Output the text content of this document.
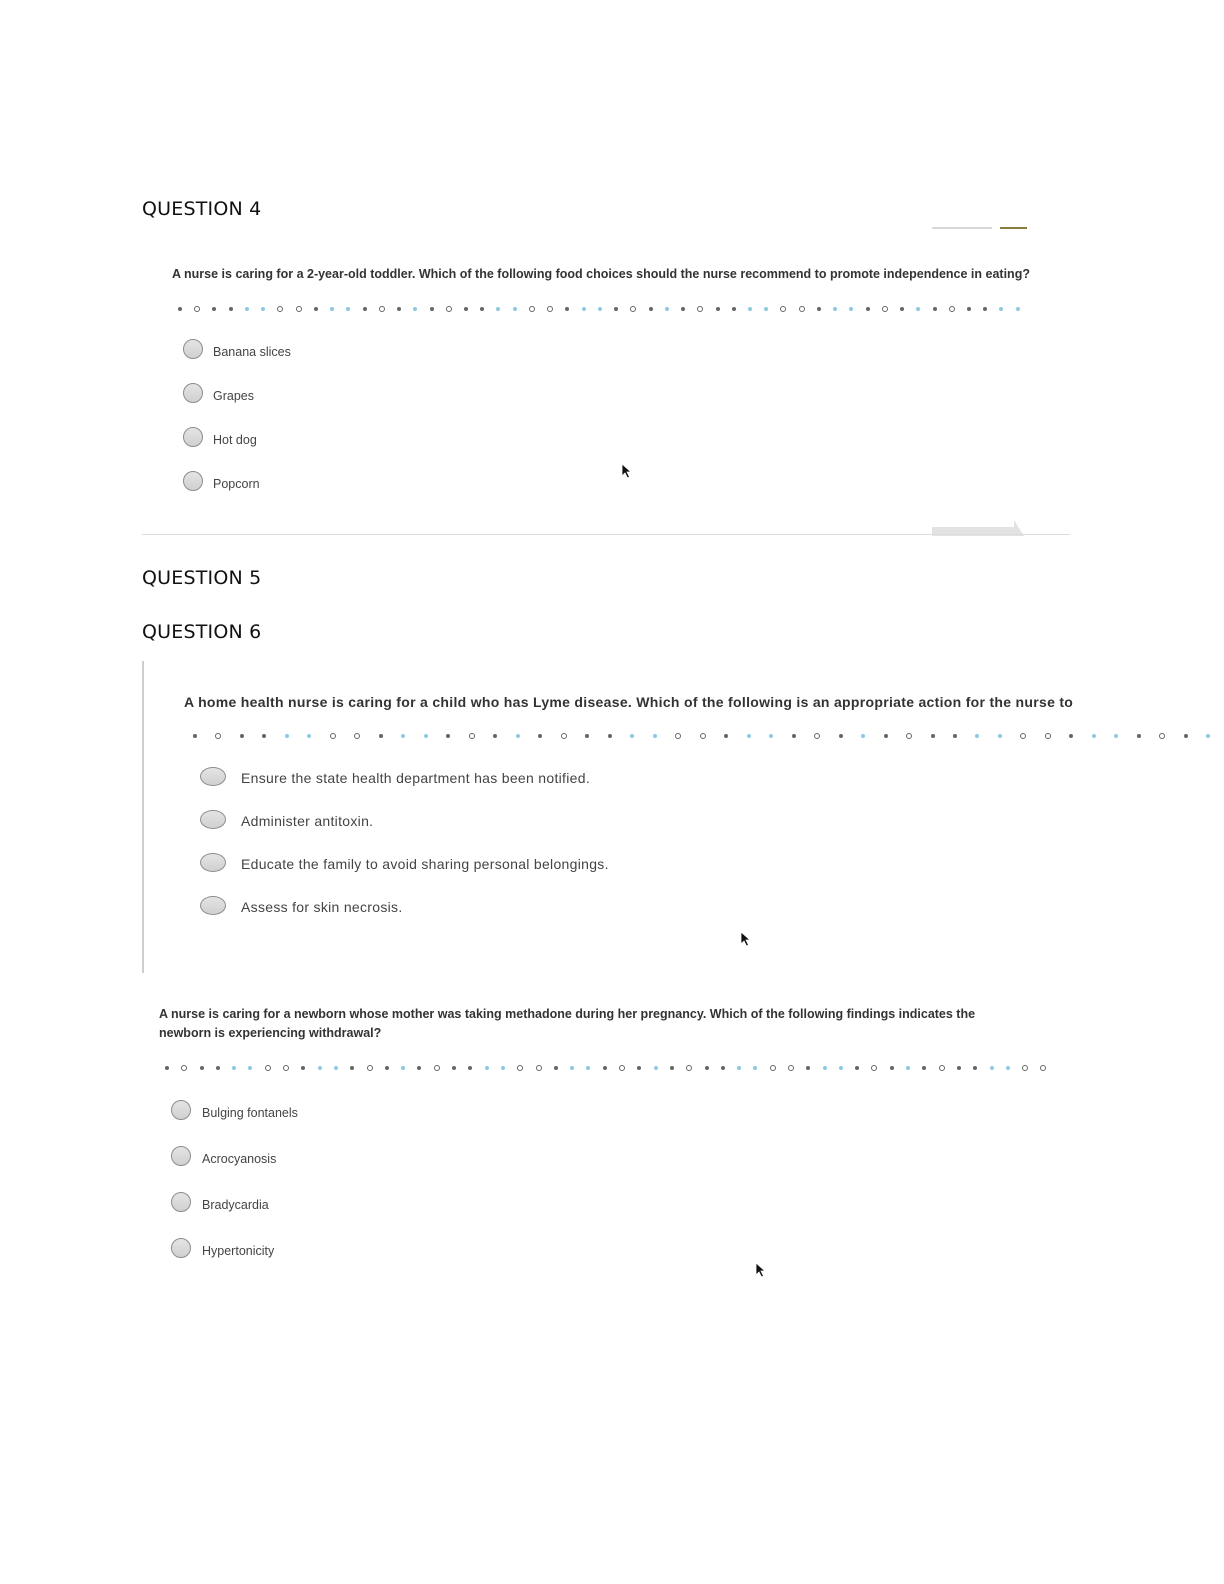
QUESTION 4

A nurse is caring for a 2-year-old toddler. Which of the following food choices should the nurse recommend to promote independence in eating?

Banana slices
Grapes
Hot dog
Popcorn
QUESTION 5
QUESTION 6

A home health nurse is caring for a child who has Lyme disease. Which of the following is an appropriate action for the nurse to

Ensure the state health department has been notified.
Administer antitoxin.
Educate the family to avoid sharing personal belongings.
Assess for skin necrosis.

A nurse is caring for a newborn whose mother was taking methadone during her pregnancy. Which of the following findings indicates the

newborn is experiencing withdrawal?

Bulging fontanels
Acrocyanosis
Bradycardia
Hypertonicity
